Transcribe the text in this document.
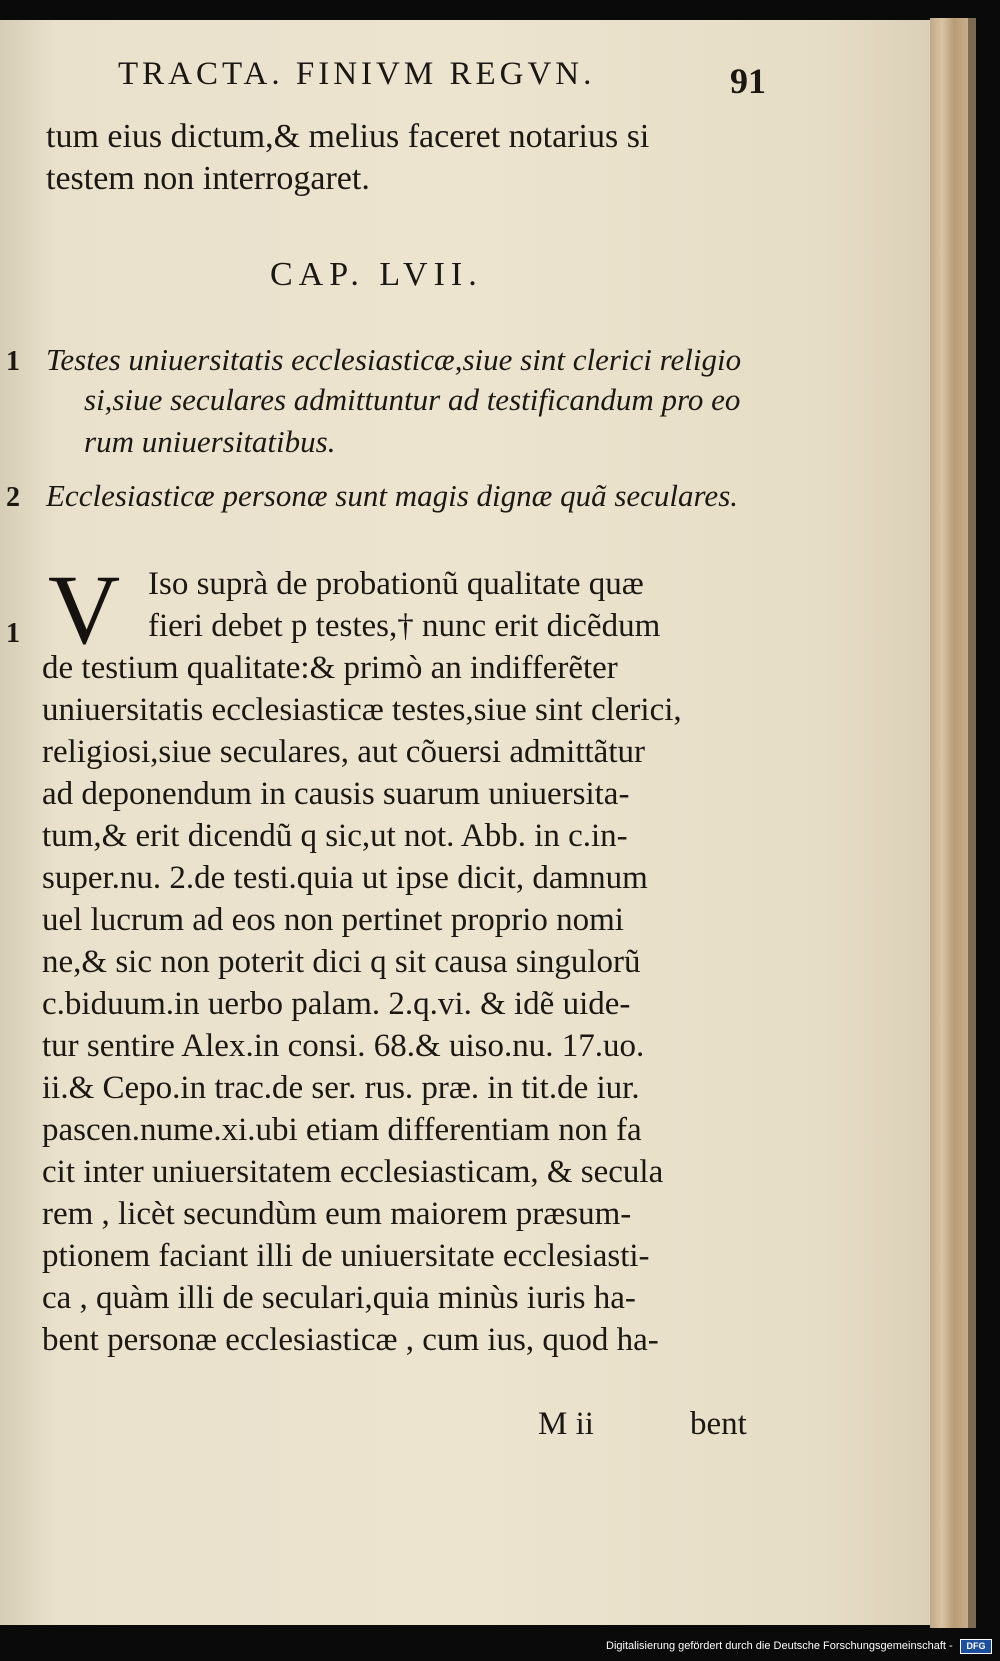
TRACTA. FINIVM REGVN.	91
tum eius dictum,& melius faceret notarius si
testem non interrogaret.
CAP. LVII.
1 Testes uniuersitatis ecclesiasticæ,siue sint clerici religio
si,siue seculares admittuntur ad testificandum pro eo
rum uniuersitatibus.
2 Ecclesiasticæ personæ sunt magis dignæ quã seculares.
V
1
Iso suprà de probationũ qualitate quæ
fieri debet p testes,† nunc erit dicẽdum
de testium qualitate:& primò an indifferẽter
uniuersitatis ecclesiasticæ testes,siue sint clerici,
religiosi,siue seculares, aut cõuersi admittãtur
ad deponendum in causis suarum uniuersita-
tum,& erit dicendũ q sic,ut not. Abb. in c.in-
super.nu. 2.de testi.quia ut ipse dicit, damnum
uel lucrum ad eos non pertinet proprio nomi
ne,& sic non poterit dici q sit causa singulorũ
c.biduum.in uerbo palam. 2.q.vi. & idẽ uide-
tur sentire Alex.in consi. 68.& uiso.nu. 17.uo.
ii.& Cepo.in trac.de ser. rus. præ. in tit.de iur.
pascen.nume.xi.ubi etiam differentiam non fa
cit inter uniuersitatem ecclesiasticam, & secula
rem , licèt secundùm eum maiorem præsum-
ptionem faciant illi de uniuersitate ecclesiasti-
ca , quàm illi de seculari,quia minùs iuris ha-
bent personæ ecclesiasticæ , cum ius, quod ha-
M ii	bent
Digitalisierung gefördert durch die Deutsche Forschungsgemeinschaft -	DFG
